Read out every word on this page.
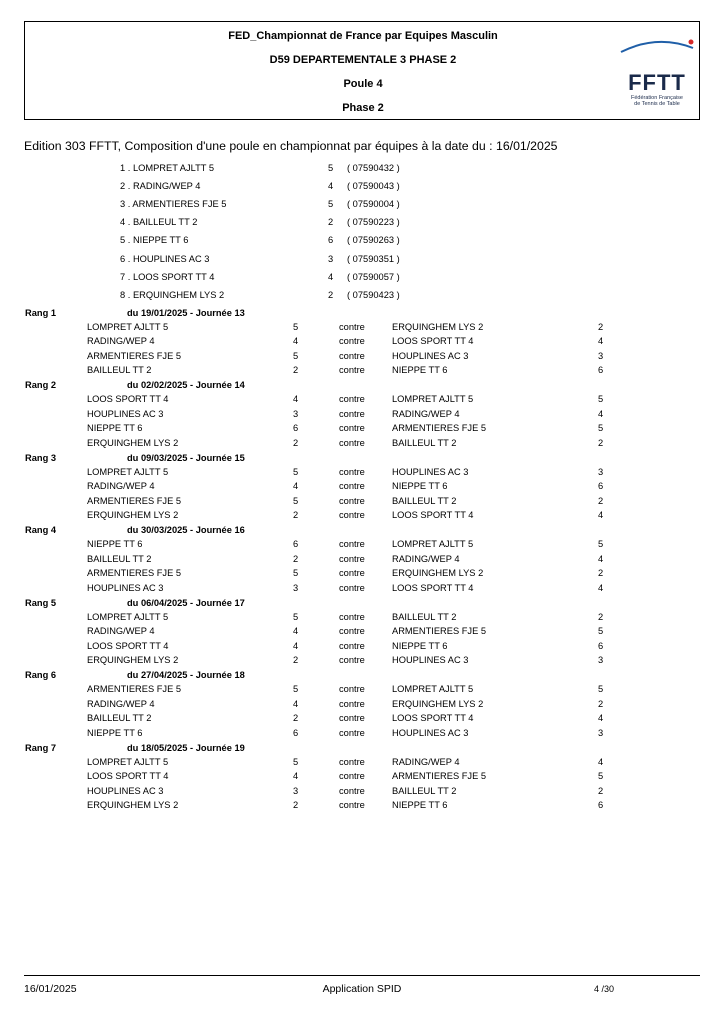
FED_Championnat de France par Equipes Masculin
D59 DEPARTEMENTALE 3 PHASE 2
Poule 4
Phase 2
FFTT
Fédération Française
de Tennis de Table
Edition 303 FFTT, Composition d'une poule en championnat par équipes à la date du : 16/01/2025
1 . LOMPRET AJLTT 5	5 ( 07590432 )
2 . RADING/WEP 4	4 ( 07590043 )
3 . ARMENTIERES FJE 5	5 ( 07590004 )
4 . BAILLEUL TT 2	2 ( 07590223 )
5 . NIEPPE TT 6	6 ( 07590263 )
6 . HOUPLINES AC 3	3 ( 07590351 )
7 . LOOS SPORT TT 4	4 ( 07590057 )
8 . ERQUINGHEM LYS 2	2 ( 07590423 )
Rang 1	du 19/01/2025 - Journée 13
LOMPRET AJLTT 5	5	contre	ERQUINGHEM LYS 2	2
RADING/WEP 4	4	contre	LOOS SPORT TT 4	4
ARMENTIERES FJE 5	5	contre	HOUPLINES AC 3	3
BAILLEUL TT 2	2	contre	NIEPPE TT 6	6
Rang 2	du 02/02/2025 - Journée 14
LOOS SPORT TT 4	4	contre	LOMPRET AJLTT 5	5
HOUPLINES AC 3	3	contre	RADING/WEP 4	4
NIEPPE TT 6	6	contre	ARMENTIERES FJE 5	5
ERQUINGHEM LYS 2	2	contre	BAILLEUL TT 2	2
Rang 3	du 09/03/2025 - Journée 15
LOMPRET AJLTT 5	5	contre	HOUPLINES AC 3	3
RADING/WEP 4	4	contre	NIEPPE TT 6	6
ARMENTIERES FJE 5	5	contre	BAILLEUL TT 2	2
ERQUINGHEM LYS 2	2	contre	LOOS SPORT TT 4	4
Rang 4	du 30/03/2025 - Journée 16
NIEPPE TT 6	6	contre	LOMPRET AJLTT 5	5
BAILLEUL TT 2	2	contre	RADING/WEP 4	4
ARMENTIERES FJE 5	5	contre	ERQUINGHEM LYS 2	2
HOUPLINES AC 3	3	contre	LOOS SPORT TT 4	4
Rang 5	du 06/04/2025 - Journée 17
LOMPRET AJLTT 5	5	contre	BAILLEUL TT 2	2
RADING/WEP 4	4	contre	ARMENTIERES FJE 5	5
LOOS SPORT TT 4	4	contre	NIEPPE TT 6	6
ERQUINGHEM LYS 2	2	contre	HOUPLINES AC 3	3
Rang 6	du 27/04/2025 - Journée 18
ARMENTIERES FJE 5	5	contre	LOMPRET AJLTT 5	5
RADING/WEP 4	4	contre	ERQUINGHEM LYS 2	2
BAILLEUL TT 2	2	contre	LOOS SPORT TT 4	4
NIEPPE TT 6	6	contre	HOUPLINES AC 3	3
Rang 7	du 18/05/2025 - Journée 19
LOMPRET AJLTT 5	5	contre	RADING/WEP 4	4
LOOS SPORT TT 4	4	contre	ARMENTIERES FJE 5	5
HOUPLINES AC 3	3	contre	BAILLEUL TT 2	2
ERQUINGHEM LYS 2	2	contre	NIEPPE TT 6	6
16/01/2025	Application SPID	4 /30
